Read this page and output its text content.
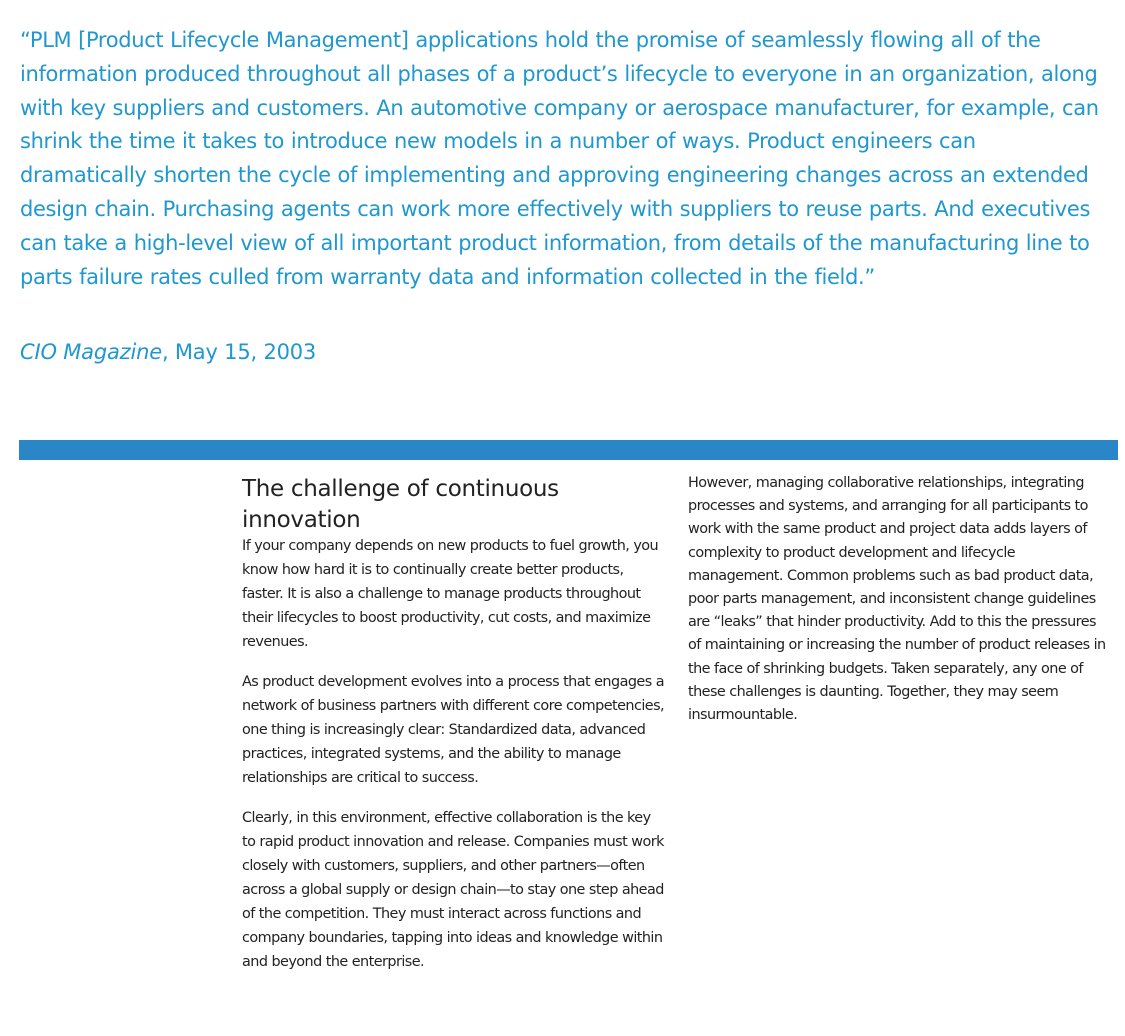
“PLM [Product Lifecycle Management] applications hold the promise of seamlessly flowing all of the information produced throughout all phases of a product’s lifecycle to everyone in an organization, along with key suppliers and customers. An automotive company or aerospace manufacturer, for example, can shrink the time it takes to introduce new models in a number of ways. Product engineers can dramatically shorten the cycle of implementing and approving engineering changes across an extended design chain. Purchasing agents can work more effectively with suppliers to reuse parts. And executives can take a high-level view of all important product information, from details of the manufacturing line to parts failure rates culled from warranty data and information collected in the field.”

CIO Magazine, May 15, 2003
The challenge of continuous innovation

If your company depends on new products to fuel growth, you know how hard it is to continually create better products, faster. It is also a challenge to manage products throughout their lifecycles to boost productivity, cut costs, and maximize revenues.

As product development evolves into a process that engages a network of business partners with different core competencies, one thing is increasingly clear: Standardized data, advanced practices, integrated systems, and the ability to manage relationships are critical to success.

Clearly, in this environment, effective collaboration is the key to rapid product innovation and release. Companies must work closely with customers, suppliers, and other partners—often across a global supply or design chain—to stay one step ahead of the competition. They must interact across functions and company boundaries, tapping into ideas and knowledge within and beyond the enterprise.

However, managing collaborative relationships, integrating processes and systems, and arranging for all participants to work with the same product and project data adds layers of complexity to product development and lifecycle management. Common problems such as bad product data, poor parts management, and inconsistent change guidelines are “leaks” that hinder productivity. Add to this the pressures of maintaining or increasing the number of product releases in the face of shrinking budgets. Taken separately, any one of these challenges is daunting. Together, they may seem insurmountable.
